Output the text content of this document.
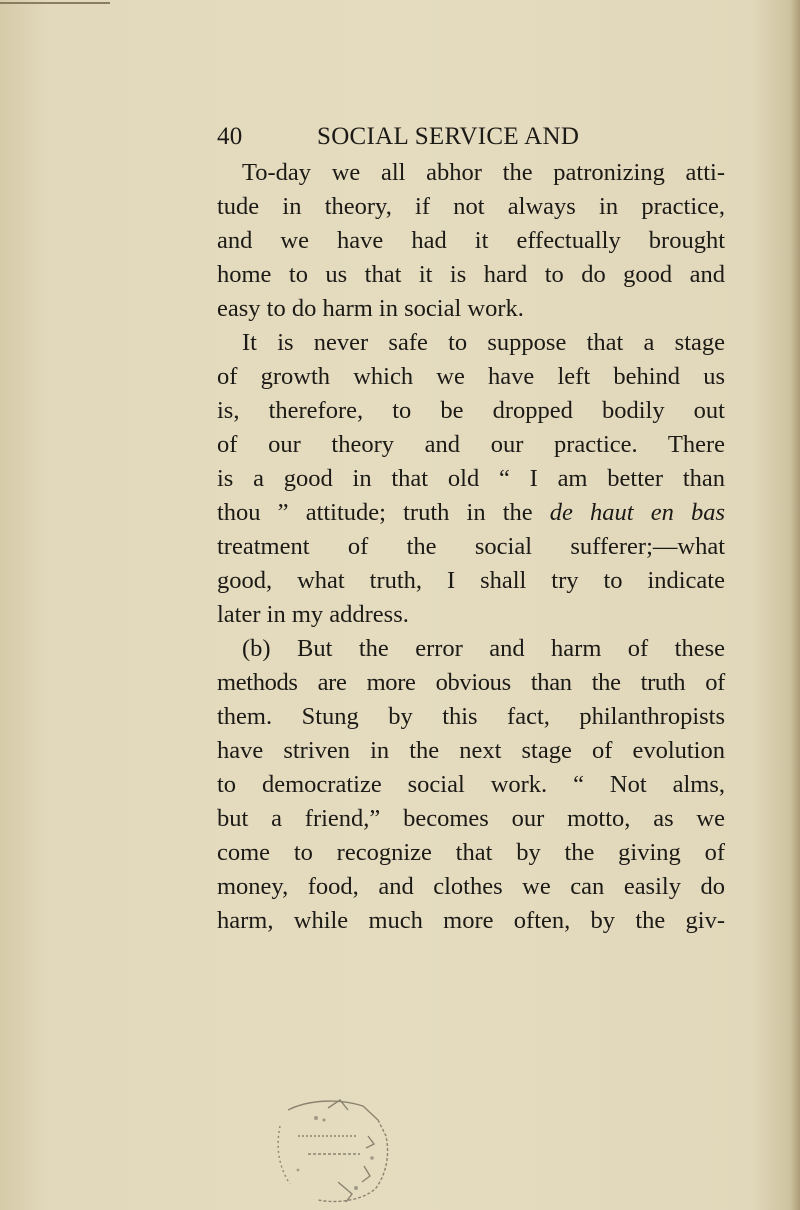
40	SOCIAL SERVICE AND
To-day we all abhor the patronizing atti-
tude in theory, if not always in practice,
and we have had it effectually brought
home to us that it is hard to do good and
easy to do harm in social work.
It is never safe to suppose that a stage
of growth which we have left behind us
is, therefore, to be dropped bodily out
of our theory and our practice. There
is a good in that old “ I am better than
thou ” attitude; truth in the de haut en bas
treatment of the social sufferer;—what
good, what truth, I shall try to indicate
later in my address.
(b) But the error and harm of these
methods are more obvious than the truth of
them. Stung by this fact, philanthropists
have striven in the next stage of evolution
to democratize social work. “ Not alms,
but a friend,” becomes our motto, as we
come to recognize that by the giving of
money, food, and clothes we can easily do
harm, while much more often, by the giv-
